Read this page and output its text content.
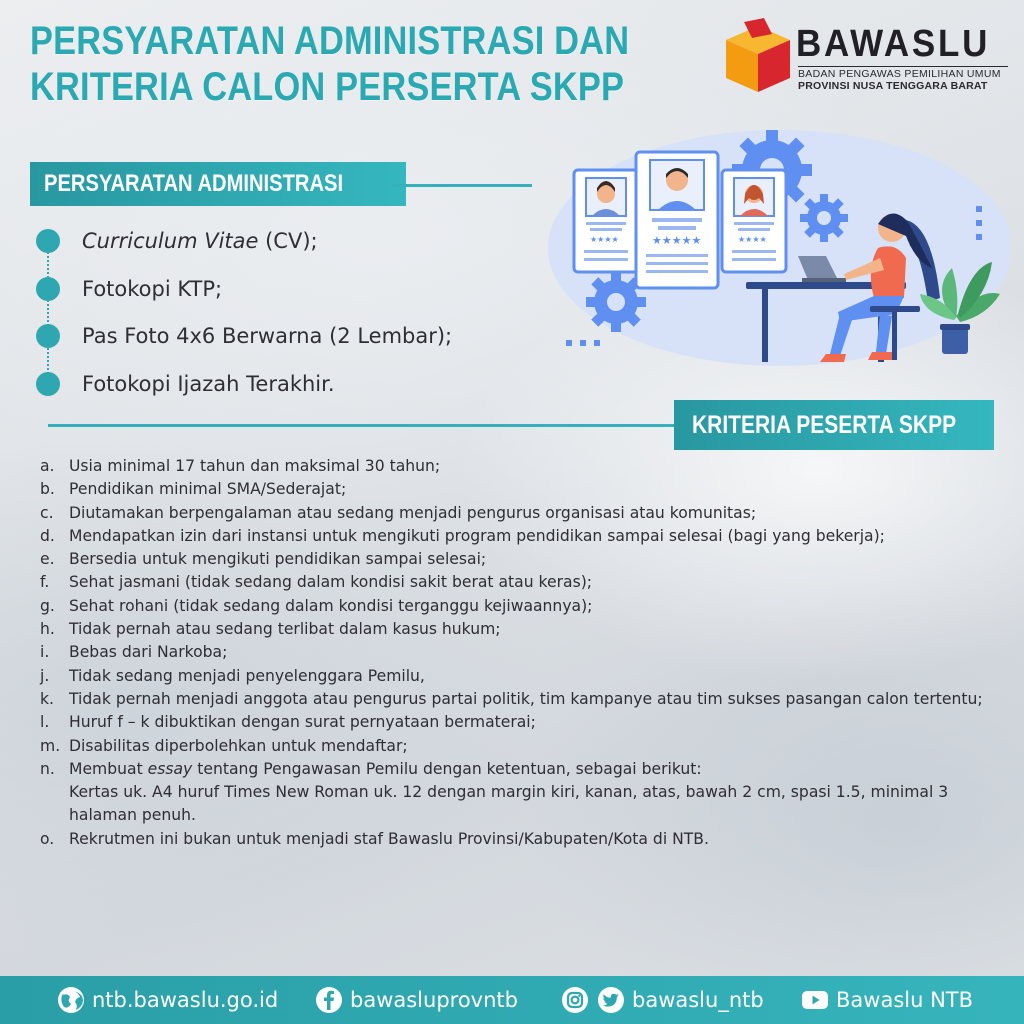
PERSYARATAN ADMINISTRASI DAN
KRITERIA CALON PERSERTA SKPP
BAWASLU
BADAN PENGAWAS PEMILIHAN UMUM
PROVINSI NUSA TENGGARA BARAT
PERSYARATAN ADMINISTRASI
Curriculum Vitae (CV);
Fotokopi KTP;
Pas Foto 4x6 Berwarna (2 Lembar);
Fotokopi Ijazah Terakhir.
★★★★	★★★★
★★★★★
KRITERIA PESERTA SKPP
a. Usia minimal 17 tahun dan maksimal 30 tahun;
b. Pendidikan minimal SMA/Sederajat;
c. Diutamakan berpengalaman atau sedang menjadi pengurus organisasi atau komunitas;
d. Mendapatkan izin dari instansi untuk mengikuti program pendidikan sampai selesai (bagi yang bekerja);
e. Bersedia untuk mengikuti pendidikan sampai selesai;
f. Sehat jasmani (tidak sedang dalam kondisi sakit berat atau keras);
g. Sehat rohani (tidak sedang dalam kondisi terganggu kejiwaannya);
h. Tidak pernah atau sedang terlibat dalam kasus hukum;
i. Bebas dari Narkoba;
j. Tidak sedang menjadi penyelenggara Pemilu,
k. Tidak pernah menjadi anggota atau pengurus partai politik, tim kampanye atau tim sukses pasangan calon tertentu;
l. Huruf f – k dibuktikan dengan surat pernyataan bermaterai;
m. Disabilitas diperbolehkan untuk mendaftar;
n. Membuat essay tentang Pengawasan Pemilu dengan ketentuan, sebagai berikut:
Kertas uk. A4 huruf Times New Roman uk. 12 dengan margin kiri, kanan, atas, bawah 2 cm, spasi 1.5, minimal 3 halaman penuh.
o. Rekrutmen ini bukan untuk menjadi staf Bawaslu Provinsi/Kabupaten/Kota di NTB.
ntb.bawaslu.go.id	bawasluprovntb	bawaslu_ntb	Bawaslu NTB
